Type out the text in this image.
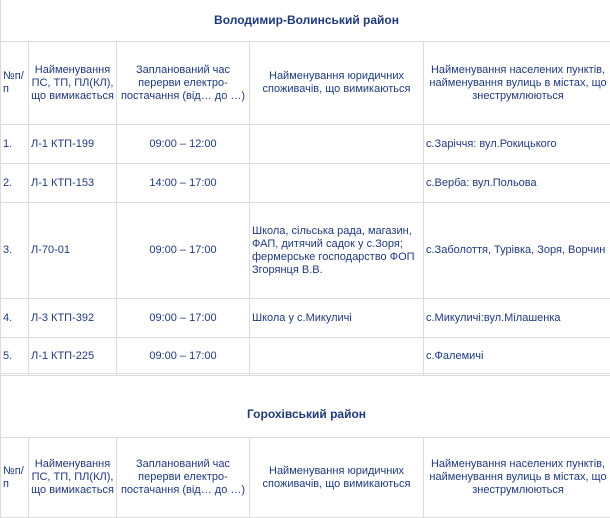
Володимир-Волинський район				
№п/п	Найменування ПС, ТП, ПЛ(КЛ), що вимикається	Запланований час перерви електро- постачання (від… до …)	Найменування юридичних споживачів, що вимикаються	Найменування населених пунктів, найменування вулиць в містах, що знеструмлюються
1.	Л-1 КТП-199	09:00 – 12:00		с.Заріччя: вул.Рокицького
2.	Л-1 КТП-153	14:00 – 17:00		с.Верба: вул.Польова
3.	Л-70-01	09:00 – 17:00	Школа, сільська рада, магазин, ФАП, дитячий садок у с.Зоря; фермерське господарство ФОП Згорянця В.В.	с.Заболоття, Турівка, Зоря, Ворчин
4.	Л-3 КТП-392	09:00 – 17:00	Школа у с.Микуличі	с.Микуличі:вул.Мілашенка
5.	Л-1 КТП-225	09:00 – 17:00		с.Фалемичі
Горохівський район
№п/п	Найменування ПС, ТП, ПЛ(КЛ), що вимикається	Запланований час перерви електро- постачання (від… до …)	Найменування юридичних споживачів, що вимикаються	Найменування населених пунктів, найменування вулиць в містах, що знеструмлюються
